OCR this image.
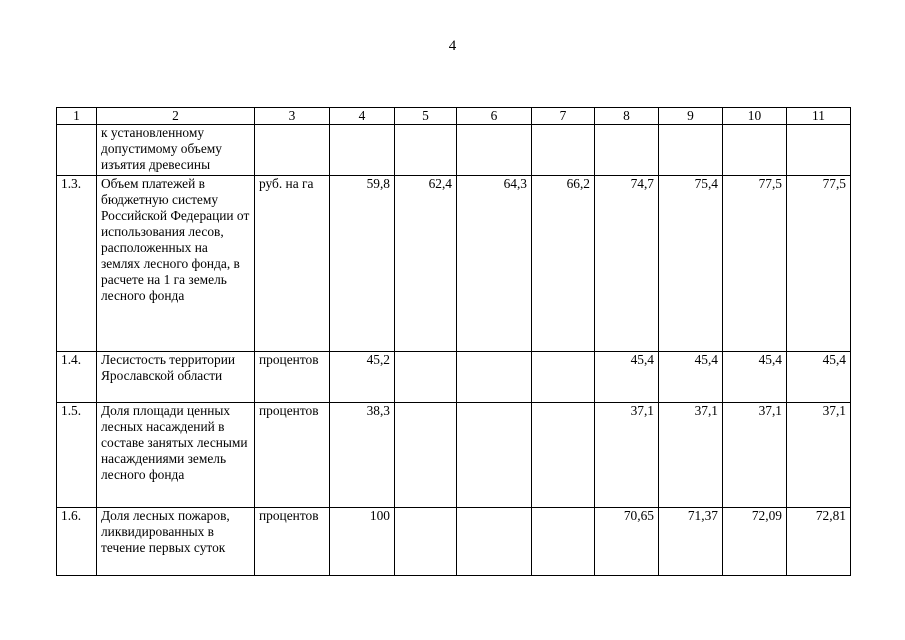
4
1	2	3	4	5	6	7	8	9	10	11
	к установленному допустимому объему изъятия древесины									
1.3.	Объем платежей в бюджетную систему Российской Федерации от использования лесов, расположенных на землях лесного фонда, в расчете на 1 га земель лесного фонда	руб. на га	59,8	62,4	64,3	66,2	74,7	75,4	77,5	77,5
1.4.	Лесистость территории Ярославской области	процентов	45,2				45,4	45,4	45,4	45,4
1.5.	Доля площади ценных лесных насаждений в составе занятых лесными насаждениями земель лесного фонда	процентов	38,3				37,1	37,1	37,1	37,1
1.6.	Доля лесных пожаров, ликвидированных в течение первых суток	процентов	100				70,65	71,37	72,09	72,81
